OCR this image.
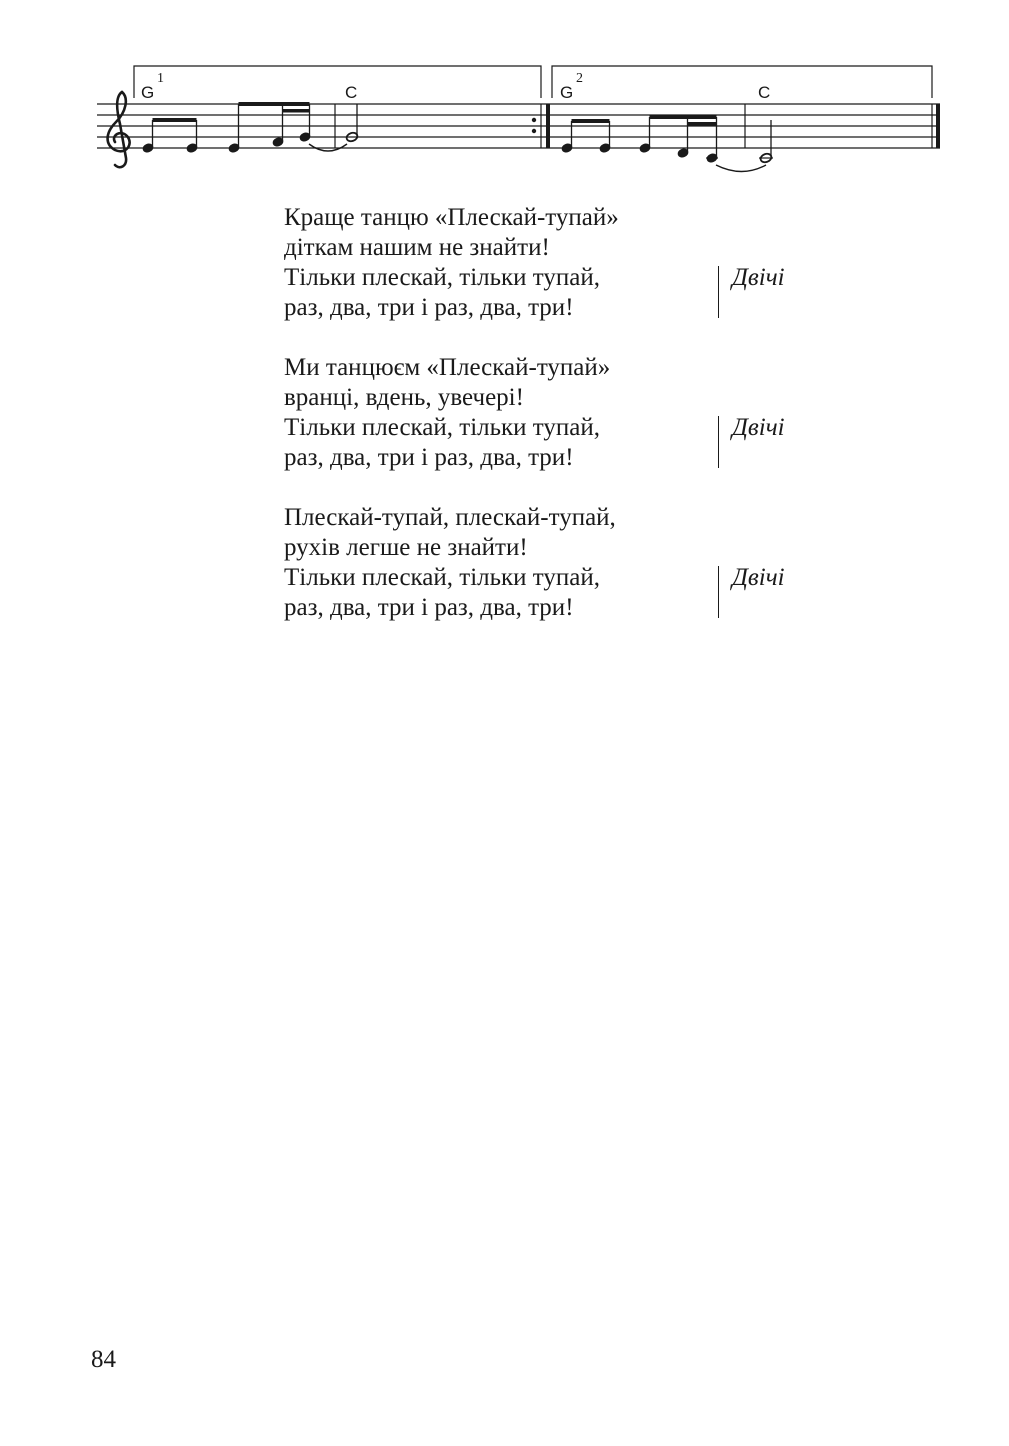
1	2
G	C	G	C
Краще танцю «Плескай-тупай»
діткам нашим не знайти!
Тільки плескай, тільки тупай,
раз, два, три і раз, два, три!
Двічі
Ми танцюєм «Плескай-тупай»
вранці, вдень, увечері!
Тільки плескай, тільки тупай,
раз, два, три і раз, два, три!
Двічі
Плескай-тупай, плескай-тупай,
рухів легше не знайти!
Тільки плескай, тільки тупай,
раз, два, три і раз, два, три!
Двічі
84
